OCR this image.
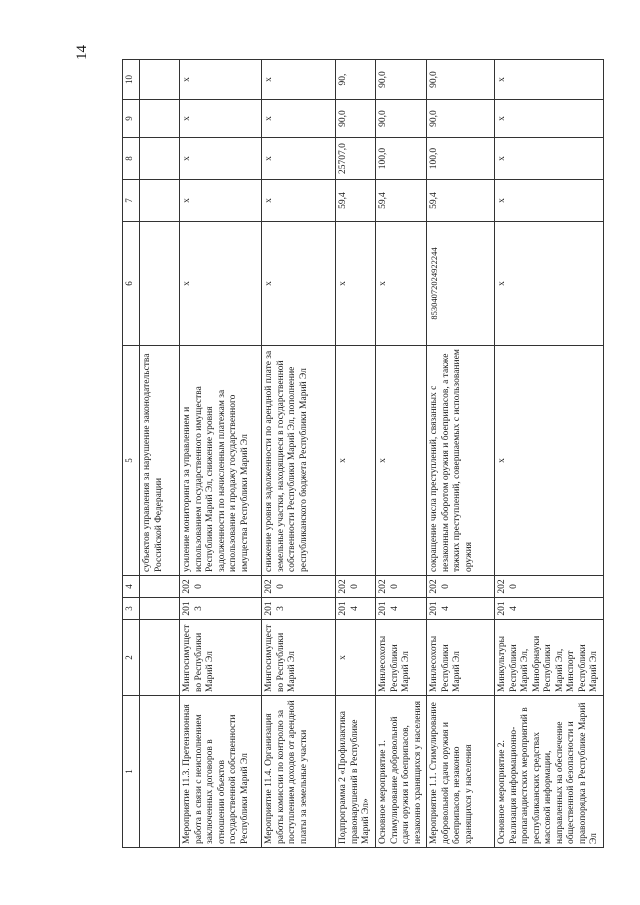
14
1	2	3	4	5	6	7	8	9	10
				субъектов управления за нарушение законодательства Российской Федерации					
Мероприятие 11.3. Претензионная работа в связи с неисполнением заключенных договоров в отношении объектов государственной собственности Республики Марий Эл	Мингосимущество Республики Марий Эл	2013	2020	усиление мониторинга за управлением и использованием государственного имущества Республики Марий Эл, снижение уровня задолженности по начисленным платежам за использование и продажу государственного имущества Республики Марий Эл	x	x	x	x	x
Мероприятие 11.4. Организация работы комиссии по контролю за поступлением доходов от арендной платы за земельные участки	Мингосимущество Республики Марий Эл	2013	2020	снижение уровня задолженности по арендной плате за земельные участки, находящиеся в государственной собственности Республики Марий Эл, пополнение республиканского бюджета Республики Марий Эл	x	x	x	x	x
Подпрограмма 2 «Профилактика правонарушений в Республике Марий Эл»	x	2014	2020	x	x	59,4	25707,0	90,0	90,
Основное мероприятие 1. Стимулирование добровольной сдачи оружия и боеприпасов, незаконно хранящихся у населения	Минлесохоты Республики Марий Эл	2014	2020	x	x	59,4	100,0	90,0	90,0
Мероприятие 1.1. Стимулирование добровольной сдачи оружия и боеприпасов, незаконно хранящихся у населения	Минлесохоты Республики Марий Эл	2014	2020	сокращение числа преступлений, связанных с незаконным оборотом оружия и боеприпасов, а также тяжких преступлений, совершаемых с использованием оружия	85304072024922244	59,4	100,0	90,0	90,0
Основное мероприятие 2. Реализация информационно-пропагандистских мероприятий в республиканских средствах массовой информации, направленных на обеспечение общественной безопасности и правопорядка в Республике Марий Эл	Минкультуры Республики Марий Эл, Минобрнауки Республики Марий Эл, Минспорт Республики Марий Эл	2014	2020	x	x	x	x	x	x
